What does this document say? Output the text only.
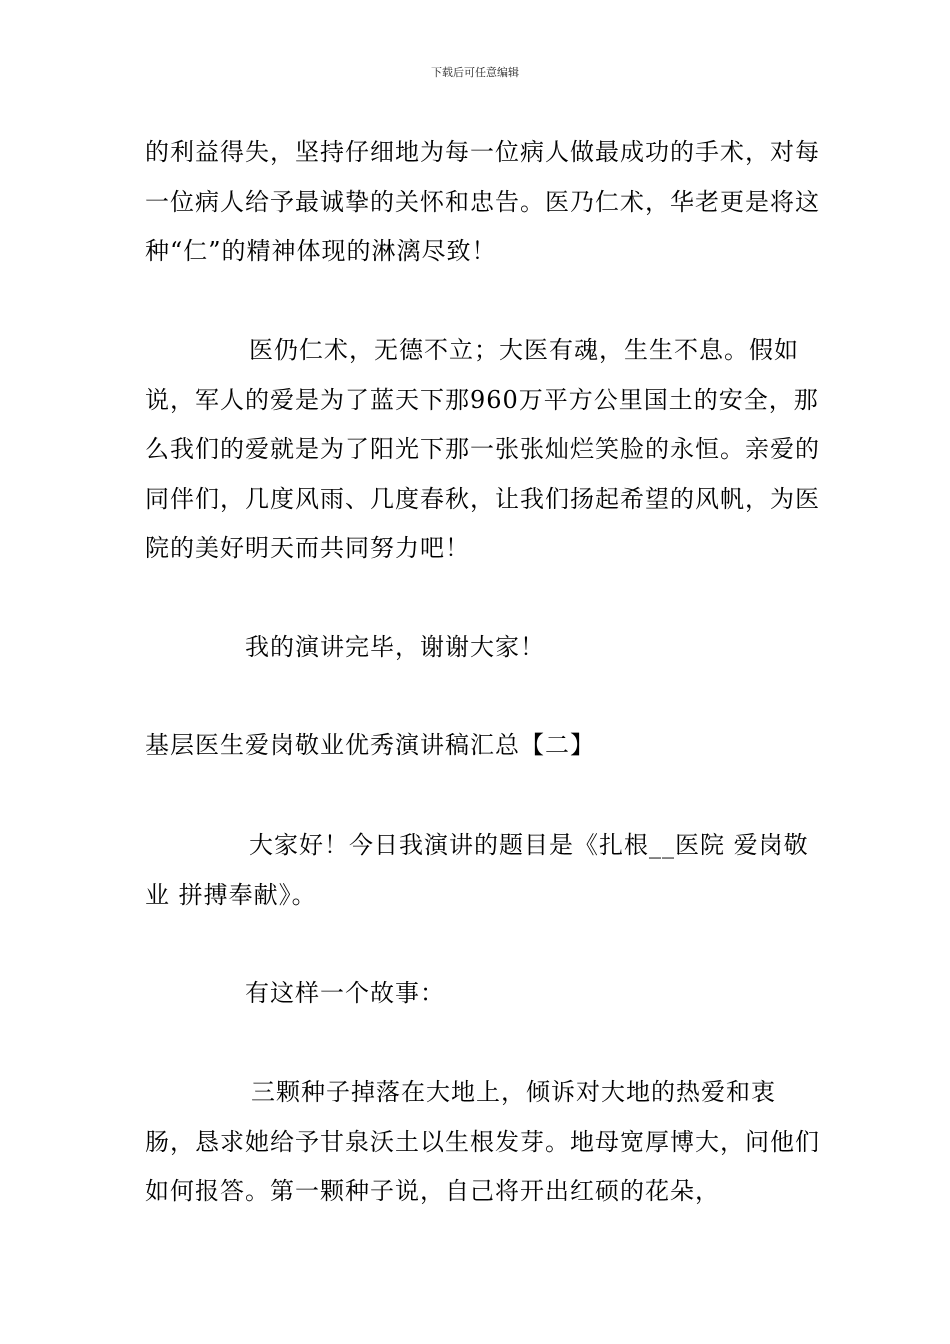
下载后可任意编辑

的利益得失，坚持仔细地为每一位病人做最成功的手术，对每一位病人给予最诚挚的关怀和忠告。医乃仁术，华老更是将这种“仁”的精神体现的淋漓尽致！

医仍仁术，无德不立；大医有魂，生生不息。假如说，军人的爱是为了蓝天下那960万平方公里国土的安全，那么我们的爱就是为了阳光下那一张张灿烂笑脸的永恒。亲爱的同伴们，几度风雨、几度春秋，让我们扬起希望的风帆，为医院的美好明天而共同努力吧！

我的演讲完毕，谢谢大家！

基层医生爱岗敬业优秀演讲稿汇总【二】

大家好！今日我演讲的题目是《扎根__医院 爱岗敬业 拼搏奉献》。

有这样一个故事：

三颗种子掉落在大地上，倾诉对大地的热爱和衷肠，恳求她给予甘泉沃土以生根发芽。地母宽厚博大，问他们如何报答。第一颗种子说，自己将开出红硕的花朵，
